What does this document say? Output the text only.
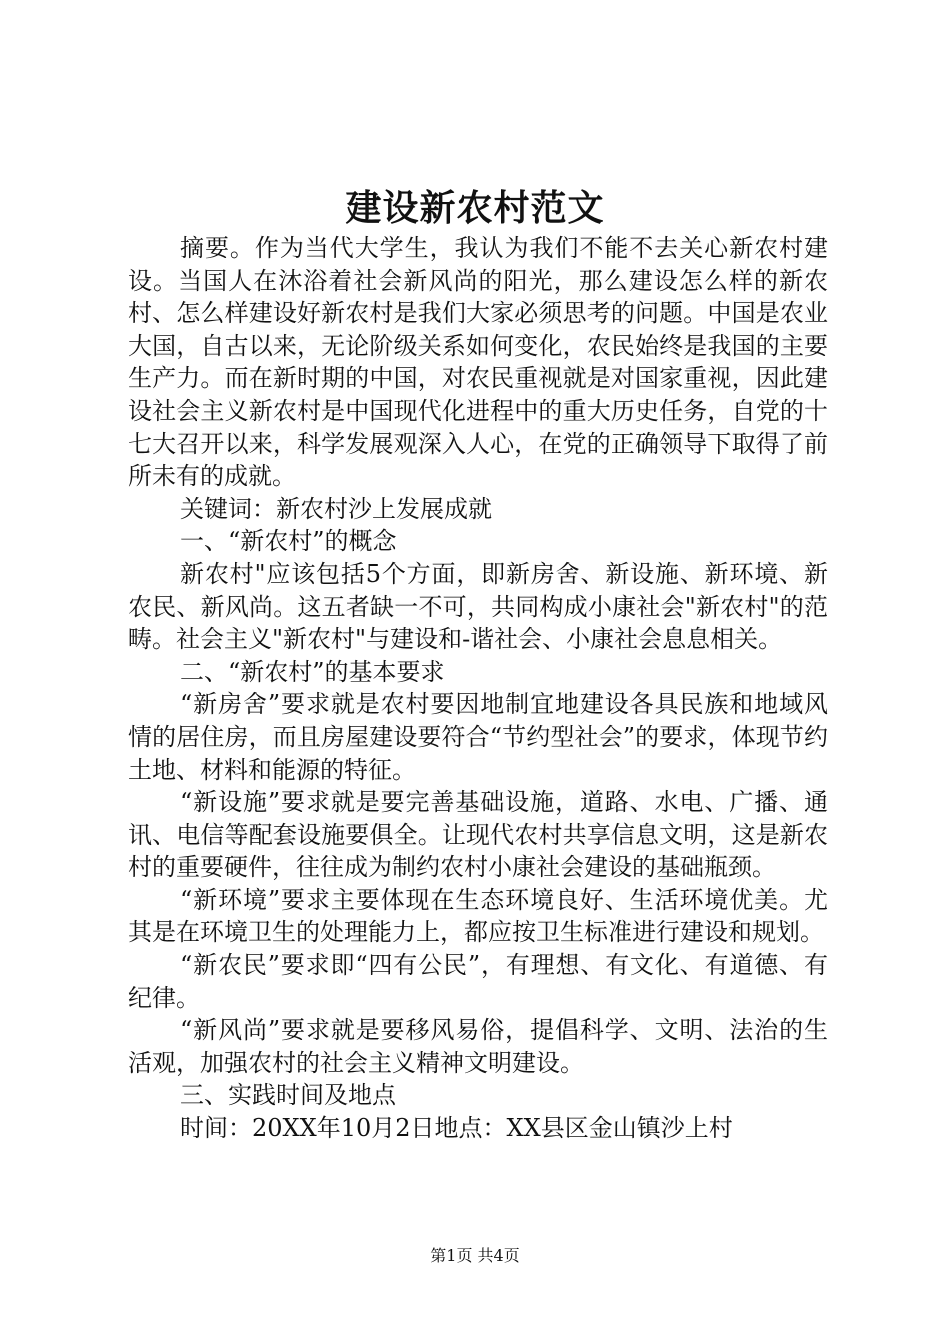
建设新农村范文

摘要。作为当代大学生，我认为我们不能不去关心新农村建设。当国人在沐浴着社会新风尚的阳光，那么建设怎么样的新农村、怎么样建设好新农村是我们大家必须思考的问题。中国是农业大国，自古以来，无论阶级关系如何变化，农民始终是我国的主要生产力。而在新时期的中国，对农民重视就是对国家重视，因此建设社会主义新农村是中国现代化进程中的重大历史任务，自党的十七大召开以来，科学发展观深入人心，在党的正确领导下取得了前所未有的成就。

关键词：新农村沙上发展成就

一、“新农村”的概念

新农村"应该包括5个方面，即新房舍、新设施、新环境、新农民、新风尚。这五者缺一不可，共同构成小康社会"新农村"的范畴。社会主义"新农村"与建设和-谐社会、小康社会息息相关。

二、“新农村”的基本要求

“新房舍”要求就是农村要因地制宜地建设各具民族和地域风情的居住房，而且房屋建设要符合“节约型社会”的要求，体现节约土地、材料和能源的特征。

“新设施”要求就是要完善基础设施，道路、水电、广播、通讯、电信等配套设施要俱全。让现代农村共享信息文明，这是新农村的重要硬件，往往成为制约农村小康社会建设的基础瓶颈。

“新环境”要求主要体现在生态环境良好、生活环境优美。尤其是在环境卫生的处理能力上，都应按卫生标准进行建设和规划。

“新农民”要求即“四有公民”，有理想、有文化、有道德、有纪律。

“新风尚”要求就是要移风易俗，提倡科学、文明、法治的生活观，加强农村的社会主义精神文明建设。

三、实践时间及地点

时间：20XX年10月2日地点：XX县区金山镇沙上村

第1页 共4页
